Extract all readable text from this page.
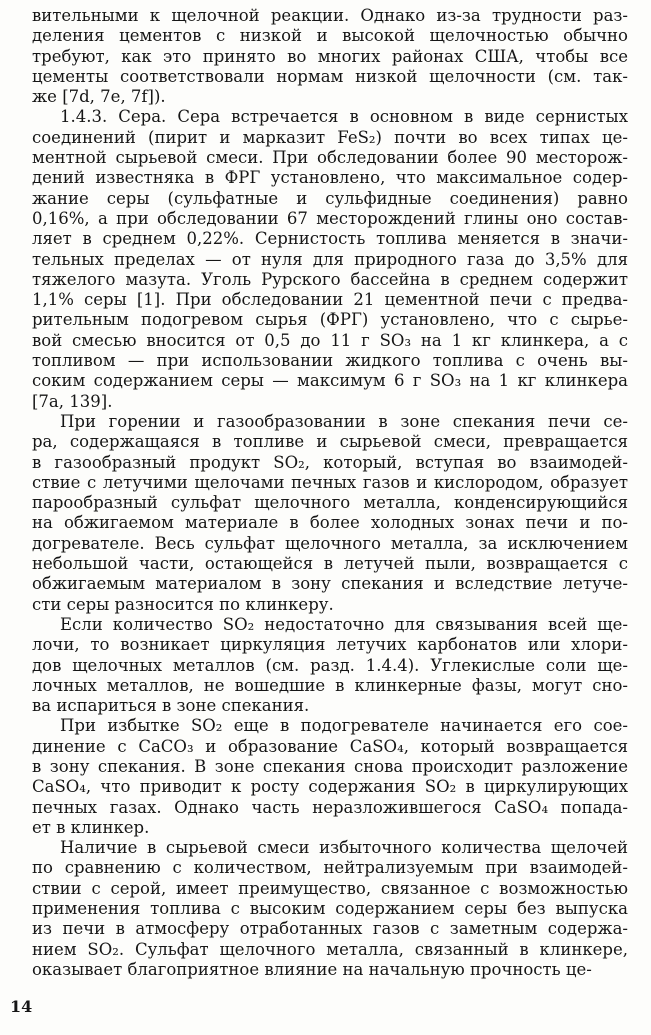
вительными к щелочной реакции. Однако из-за трудности раз-
деления цементов с низкой и высокой щелочностью обычно
требуют, как это принято во многих районах США, чтобы все
цементы соответствовали нормам низкой щелочности (см. так-
же [7d, 7e, 7f]).
1.4.3. Сера. Сера встречается в основном в виде сернистых
соединений (пирит и марказит FeS₂) почти во всех типах це-
ментной сырьевой смеси. При обследовании более 90 месторож-
дений известняка в ФРГ установлено, что максимальное содер-
жание серы (сульфатные и сульфидные соединения) равно
0,16%, а при обследовании 67 месторождений глины оно состав-
ляет в среднем 0,22%. Сернистость топлива меняется в значи-
тельных пределах — от нуля для природного газа до 3,5% для
тяжелого мазута. Уголь Рурского бассейна в среднем содержит
1,1% серы [1]. При обследовании 21 цементной печи с предва-
рительным подогревом сырья (ФРГ) установлено, что с сырье-
вой смесью вносится от 0,5 до 11 г SO₃ на 1 кг клинкера, а с
топливом — при использовании жидкого топлива с очень вы-
соким содержанием серы — максимум 6 г SO₃ на 1 кг клинкера
[7a, 139].
При горении и газообразовании в зоне спекания печи се-
ра, содержащаяся в топливе и сырьевой смеси, превращается
в газообразный продукт SO₂, который, вступая во взаимодей-
ствие с летучими щелочами печных газов и кислородом, образует
парообразный сульфат щелочного металла, конденсирующийся
на обжигаемом материале в более холодных зонах печи и по-
догревателе. Весь сульфат щелочного металла, за исключением
небольшой части, остающейся в летучей пыли, возвращается с
обжигаемым материалом в зону спекания и вследствие летуче-
сти серы разносится по клинкеру.
Если количество SO₂ недостаточно для связывания всей ще-
лочи, то возникает циркуляция летучих карбонатов или хлори-
дов щелочных металлов (см. разд. 1.4.4). Углекислые соли ще-
лочных металлов, не вошедшие в клинкерные фазы, могут сно-
ва испариться в зоне спекания.
При избытке SO₂ еще в подогревателе начинается его сое-
динение с CaCO₃ и образование CaSO₄, который возвращается
в зону спекания. В зоне спекания снова происходит разложение
CaSO₄, что приводит к росту содержания SO₂ в циркулирующих
печных газах. Однако часть неразложившегося CaSO₄ попада-
ет в клинкер.
Наличие в сырьевой смеси избыточного количества щелочей
по сравнению с количеством, нейтрализуемым при взаимодей-
ствии с серой, имеет преимущество, связанное с возможностью
применения топлива с высоким содержанием серы без выпуска
из печи в атмосферу отработанных газов с заметным содержа-
нием SO₂. Сульфат щелочного металла, связанный в клинкере,
оказывает благоприятное влияние на начальную прочность це-
14
